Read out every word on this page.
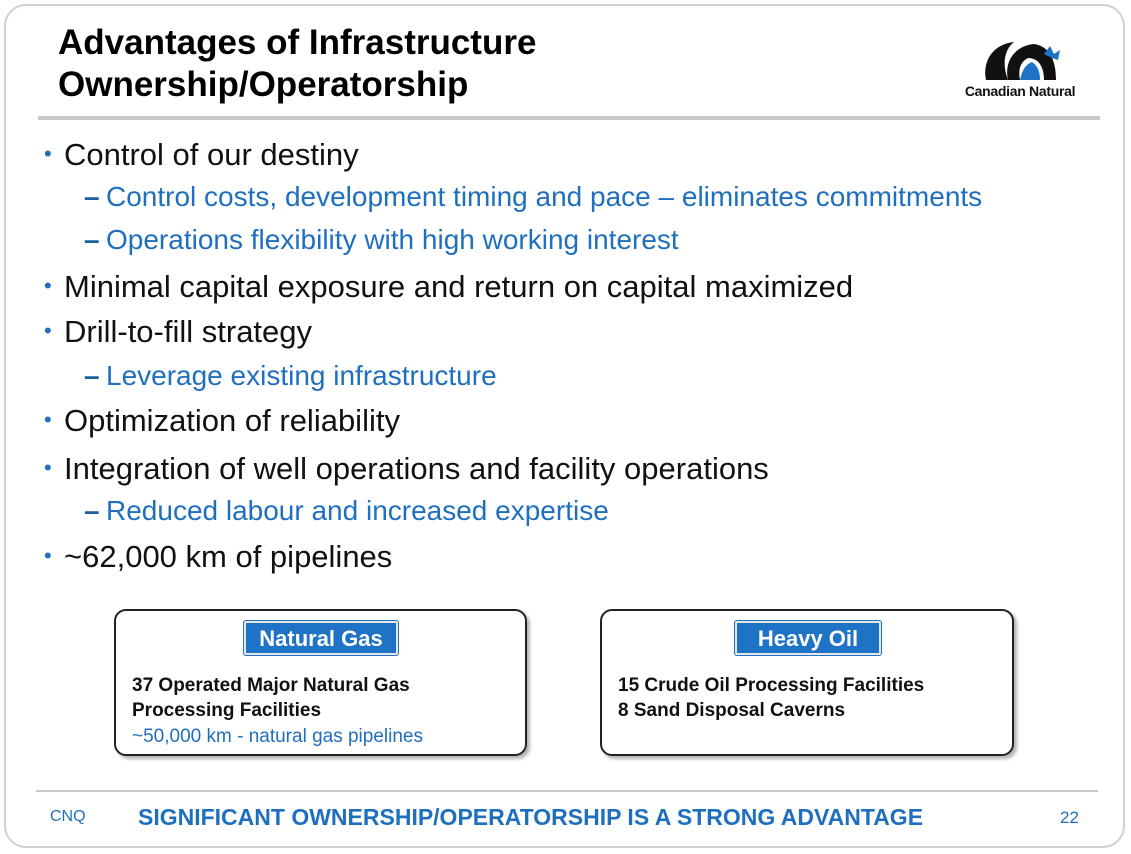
Advantages of Infrastructure
Ownership/Operatorship	Canadian Natural
• Control of our destiny
– Control costs, development timing and pace – eliminates commitments
– Operations flexibility with high working interest
• Minimal capital exposure and return on capital maximized
• Drill-to-fill strategy
– Leverage existing infrastructure
• Optimization of reliability
• Integration of well operations and facility operations
– Reduced labour and increased expertise
• ~62,000 km of pipelines
Natural Gas
37 Operated Major Natural Gas
Processing Facilities
~50,000 km - natural gas pipelines
Heavy Oil
15 Crude Oil Processing Facilities
8 Sand Disposal Caverns
CNQ SIGNIFICANT OWNERSHIP/OPERATORSHIP IS A STRONG ADVANTAGE	22
